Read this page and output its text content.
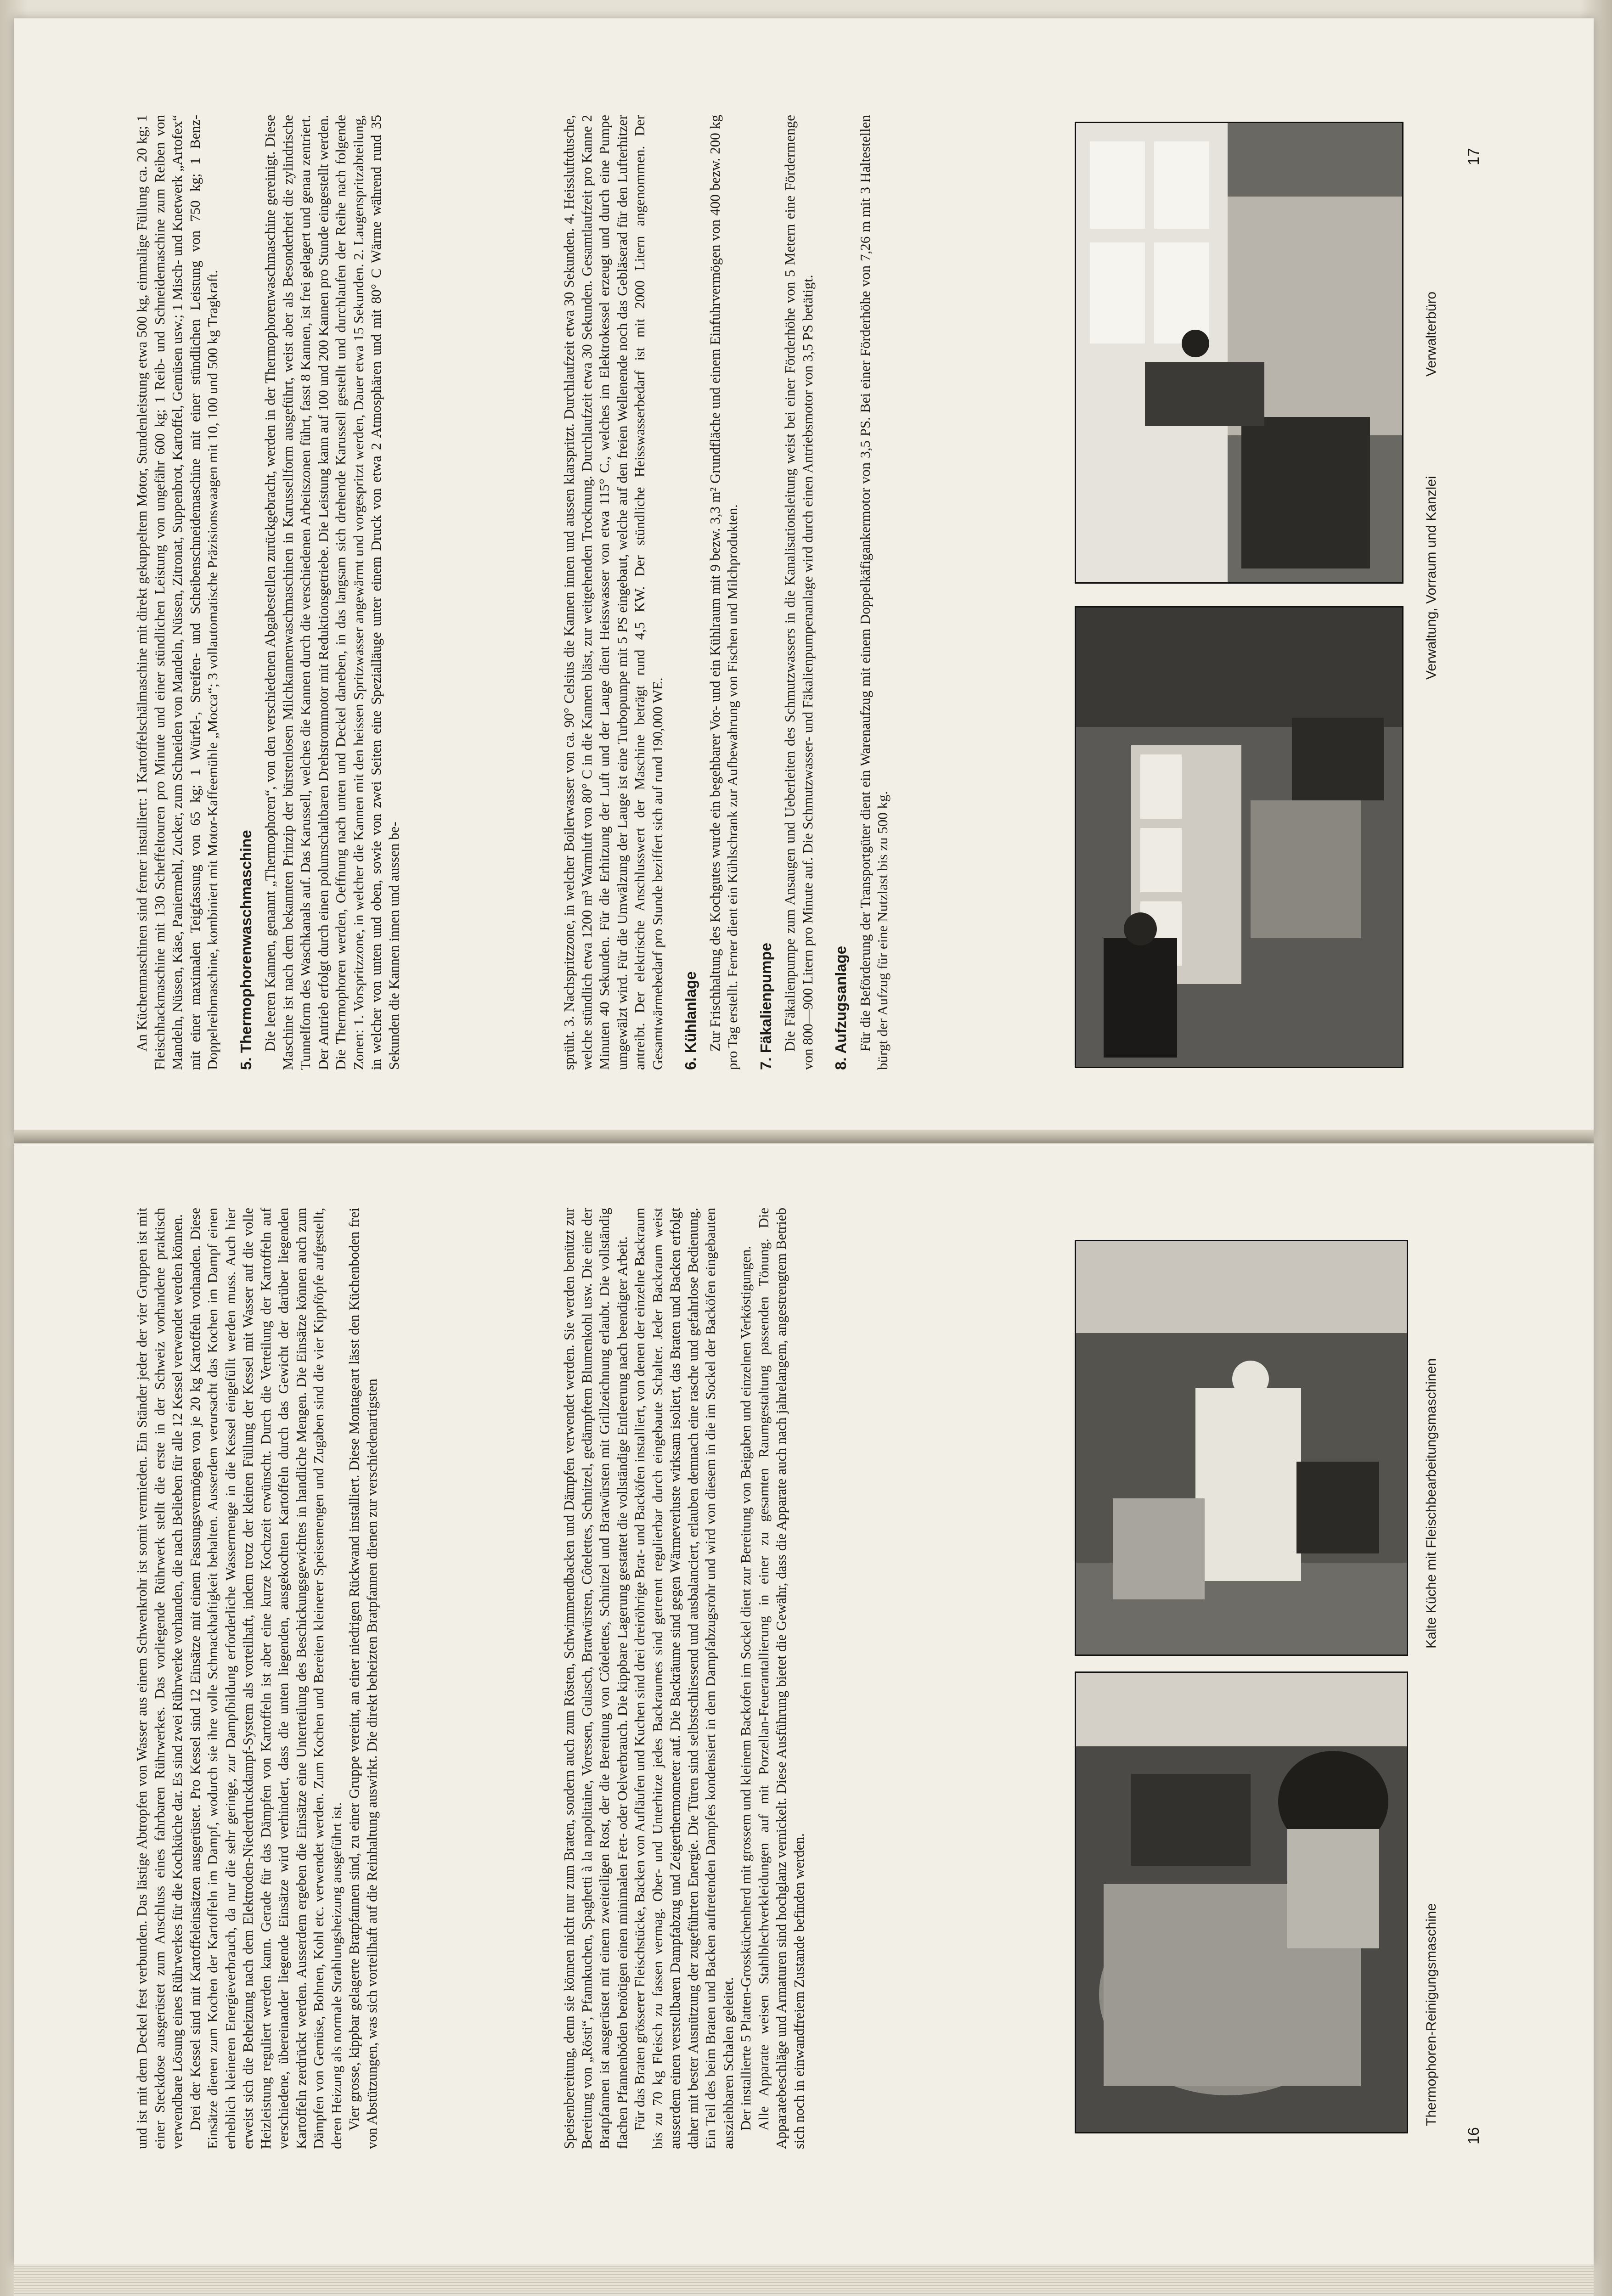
Verwaltung, Vorraum und Kanzlei
Verwalterbüro
17

An Küchenmaschinen sind ferner installiert: 1 Kartoffelschälmaschine mit direkt gekuppeltem Motor, Stundenleistung etwa 500 kg, einmalige Füllung ca. 20 kg; 1 Fleischhackmaschine mit 130 Scheffeltouren pro Minute und einer stündlichen Leistung von ungefähr 600 kg; 1 Reib- und Schneidemaschine zum Reiben von Mandeln, Nüssen, Käse, Paniermehl, Zucker, zum Schneiden von Mandeln, Nüssen, Zitronat, Suppenbrot, Kartoffel, Gemüsen usw.; 1 Misch- und Knetwerk „Artofex“ mit einer maximalen Teigfassung von 65 kg; 1 Würfel-, Streifen- und Scheibenschneidemaschine mit einer stündlichen Leistung von 750 kg; 1 Benz-Doppelreibmaschine, kombiniert mit Motor-Kaffeemühle „Mocca“; 3 vollautomatische Präzisionswaagen mit 10, 100 und 500 kg Tragkraft. 5. Thermophorenwaschmaschine Die leeren Kannen, genannt „Thermophoren“, von den verschiedenen Abgabestellen zurückgebracht, werden in der Thermophorenwaschmaschine gereinigt. Diese Maschine ist nach dem bekannten Prinzip der bürstenlosen Milchkannenwaschmaschinen in Karussellform ausgeführt, weist aber als Besonderheit die zylindrische Tunnelform des Waschkanals auf. Das Karussell, welches die Kannen durch die verschiedenen Arbeitszonen führt, fasst 8 Kannen, ist frei gelagert und genau zentriert. Der Antrieb erfolgt durch einen polumschaltbaren Drehstrommotor mit Reduktionsgetriebe. Die Leistung kann auf 100 und 200 Kannen pro Stunde eingestellt werden. Die Thermophoren werden, Oeffnung nach unten und Deckel daneben, in das langsam sich drehende Karussell gestellt und durchlaufen der Reihe nach folgende Zonen: 1. Vorspritzzone, in welcher die Kannen mit den heissen Spritzwasser angewärmt und vorgespritzt werden, Dauer etwa 15 Sekunden. 2. Laugenspritzabteilung, in welcher von unten und oben, sowie von zwei Seiten eine Spezialläuge unter einem Druck von etwa 2 Atmosphären und mit 80° C Wärme während rund 35 Sekunden die Kannen innen und aussen be-	sprüht. 3. Nachspritzzone, in welcher Boilerwasser von ca. 90° Celsius die Kannen innen und aussen klarspritzt. Durchlaufzeit etwa 30 Sekunden. 4. Heissluftdusche, welche stündlich etwa 1200 m³ Warmluft von 80° C in die Kannen bläst, zur weitgehenden Trocknung. Durchlaufzeit etwa 30 Sekunden. Gesamtlaufzeit pro Kanne 2 Minuten 40 Sekunden. Für die Erhitzung der Luft und der Lauge dient Heisswasser von etwa 115° C., welches im Elektrokessel erzeugt und durch eine Pumpe umgewälzt wird. Für die Umwälzung der Lauge ist eine Turbopumpe mit 5 PS eingebaut, welche auf den freien Wellenende noch das Gebläserad für den Lufterhitzer antreibt. Der elektrische Anschlusswert der Maschine beträgt rund 4,5 KW. Der stündliche Heisswasserbedarf ist mit 2000 Litern angenommen. Der Gesamtwärmebedarf pro Stunde beziffert sich auf rund 190,000 WE. 6. Kühlanlage Zur Frischhaltung des Kochgutes wurde ein begehbarer Vor- und ein Kühlraum mit 9 bezw. 3,3 m² Grundfläche und einem Einfuhrvermögen von 400 bezw. 200 kg pro Tag erstellt. Ferner dient ein Kühlschrank zur Aufbewahrung von Fischen und Milchprodukten. 7. Fäkalienpumpe Die Fäkalienpumpe zum Ansaugen und Ueberleiten des Schmutzwassers in die Kanalisationsleitung weist bei einer Förderhöhe von 5 Metern eine Fördermenge von 800—900 Litern pro Minute auf. Die Schmutzwasser- und Fäkalienpumpenanlage wird durch einen Antriebsmotor von 3,5 PS betätigt. 8. Aufzugsanlage Für die Beförderung der Transportgüter dient ein Warenaufzug mit einem Doppelkäfigankermotor von 3,5 PS. Bei einer Förderhöhe von 7,26 m mit 3 Haltestellen bürgt der Aufzug für eine Nutzlast bis zu 500 kg.

Thermophoren-Reinigungsmaschine
Kalte Küche mit Fleischbearbeitungsmaschinen
16

und ist mit dem Deckel fest verbunden. Das lästige Abtropfen von Wasser aus einem Schwenkrohr ist somit vermieden. Ein Ständer jeder der vier Gruppen ist mit einer Steckdose ausgerüstet zum Anschluss eines fahrbaren Rührwerkes. Das vorliegende Rührwerk stellt die erste in der Schweiz vorhandene praktisch verwendbare Lösung eines Rührwerkes für die Kochküche dar. Es sind zwei Rührwerke vorhanden, die nach Belieben für alle 12 Kessel verwendet werden können. Drei der Kessel sind mit Kartoffeleinsätzen ausgerüstet. Pro Kessel sind 12 Einsätze mit einem Fassungsvermögen von je 20 kg Kartoffeln vorhanden. Diese Einsätze dienen zum Kochen der Kartoffeln im Dampf, wodurch sie ihre volle Schmackhaftigkeit behalten. Ausserdem verursacht das Kochen im Dampf einen erheblich kleineren Energieverbrauch, da nur die sehr geringe, zur Dampfbildung erforderliche Wassermenge in die Kessel eingefüllt werden muss. Auch hier erweist sich die Beheizung nach dem Elektroden-Niederdruckdampf-System als vorteilhaft, indem trotz der kleinen Füllung der Kessel mit Wasser auf die volle Heizleistung reguliert werden kann. Gerade für das Dämpfen von Kartoffeln ist aber eine kurze Kochzeit erwünscht. Durch die Verteilung der Kartoffeln auf verschiedene, übereinander liegende Einsätze wird verhindert, dass die unten liegenden, ausgekochten Kartoffeln durch das Gewicht der darüber liegenden Kartoffeln zerdrückt werden. Ausserdem ergeben die Einsätze eine Unterteilung des Beschickungsgewichtes in handliche Mengen. Die Einsätze können auch zum Dämpfen von Gemüse, Bohnen, Kohl etc. verwendet werden. Zum Kochen und Bereiten kleinerer Speisemengen und Zugaben sind die vier Kippföpfe aufgestellt, deren Heizung als normale Strahlungsheizung ausgeführt ist. Vier grosse, kippbar gelagerte Bratpfannen sind, zu einer Gruppe vereint, an einer niedrigen Rückwand installiert. Diese Montageart lässt den Küchenboden frei von Abstützungen, was sich vorteilhaft auf die Reinhaltung auswirkt. Die direkt beheizten Bratpfannen dienen zur verschiedenartigsten	Speisenbereitung, denn sie können nicht nur zum Braten, sondern auch zum Rösten, Schwimmendbacken und Dämpfen verwendet werden. Sie werden benützt zur Bereitung von „Rösti“, Pfannkuchen, Spaghetti à la napolitaine, Voressen, Gulasch, Bratwürsten, Côtelettes, Schnitzel, gedämpftem Blumenkohl usw. Die eine der Bratpfannen ist ausgerüstet mit einem zweiteiligen Rost, der die Bereitung von Côtelettes, Schnitzel und Bratwürsten mit Grillzeichnung erlaubt. Die vollständig flachen Pfannenböden benötigen einen minimalen Fett- oder Oelverbrauch. Die kippbare Lagerung gestattet die vollständige Entleerung nach beendigter Arbeit. Für das Braten grösserer Fleischstücke, Backen von Aufläufen und Kuchen sind drei dreiröhrige Brat- und Backöfen installiert, von denen der einzelne Backraum bis zu 70 kg Fleisch zu fassen vermag. Ober- und Unterhitze jedes Backraumes sind getrennt regulierbar durch eingebaute Schalter. Jeder Backraum weist ausserdem einen verstellbaren Dampfabzug und Zeigerthermometer auf. Die Backräume sind gegen Wärmeverluste wirksam isoliert, das Braten und Backen erfolgt daher mit bester Ausnützung der zugeführten Energie. Die Türen sind selbstschliessend und ausbalanciert, erlauben demnach eine rasche und gefahrlose Bedienung. Ein Teil des beim Braten und Backen auftretenden Dampfes kondensiert in dem Dampfabzugsrohr und wird von diesem in die im Sockel der Backöfen eingebauten ausziehbaren Schalen geleitet. Der installierte 5 Platten-Grossküchenherd mit grossem und kleinem Backofen im Sockel dient zur Bereitung von Beigaben und einzelnen Verköstigungen. Alle Apparate weisen Stahlblechverkleidungen auf mit Porzellan-Feuerantallierung in einer zu gesamten Raumgestaltung passenden Tönung. Die Apparatebeschläge und Armaturen sind hochglanz vernickelt. Diese Ausführung bietet die Gewähr, dass die Apparate auch nach jahrelangem, angestrengtem Betrieb sich noch in einwandfreiem Zustande befinden werden.
